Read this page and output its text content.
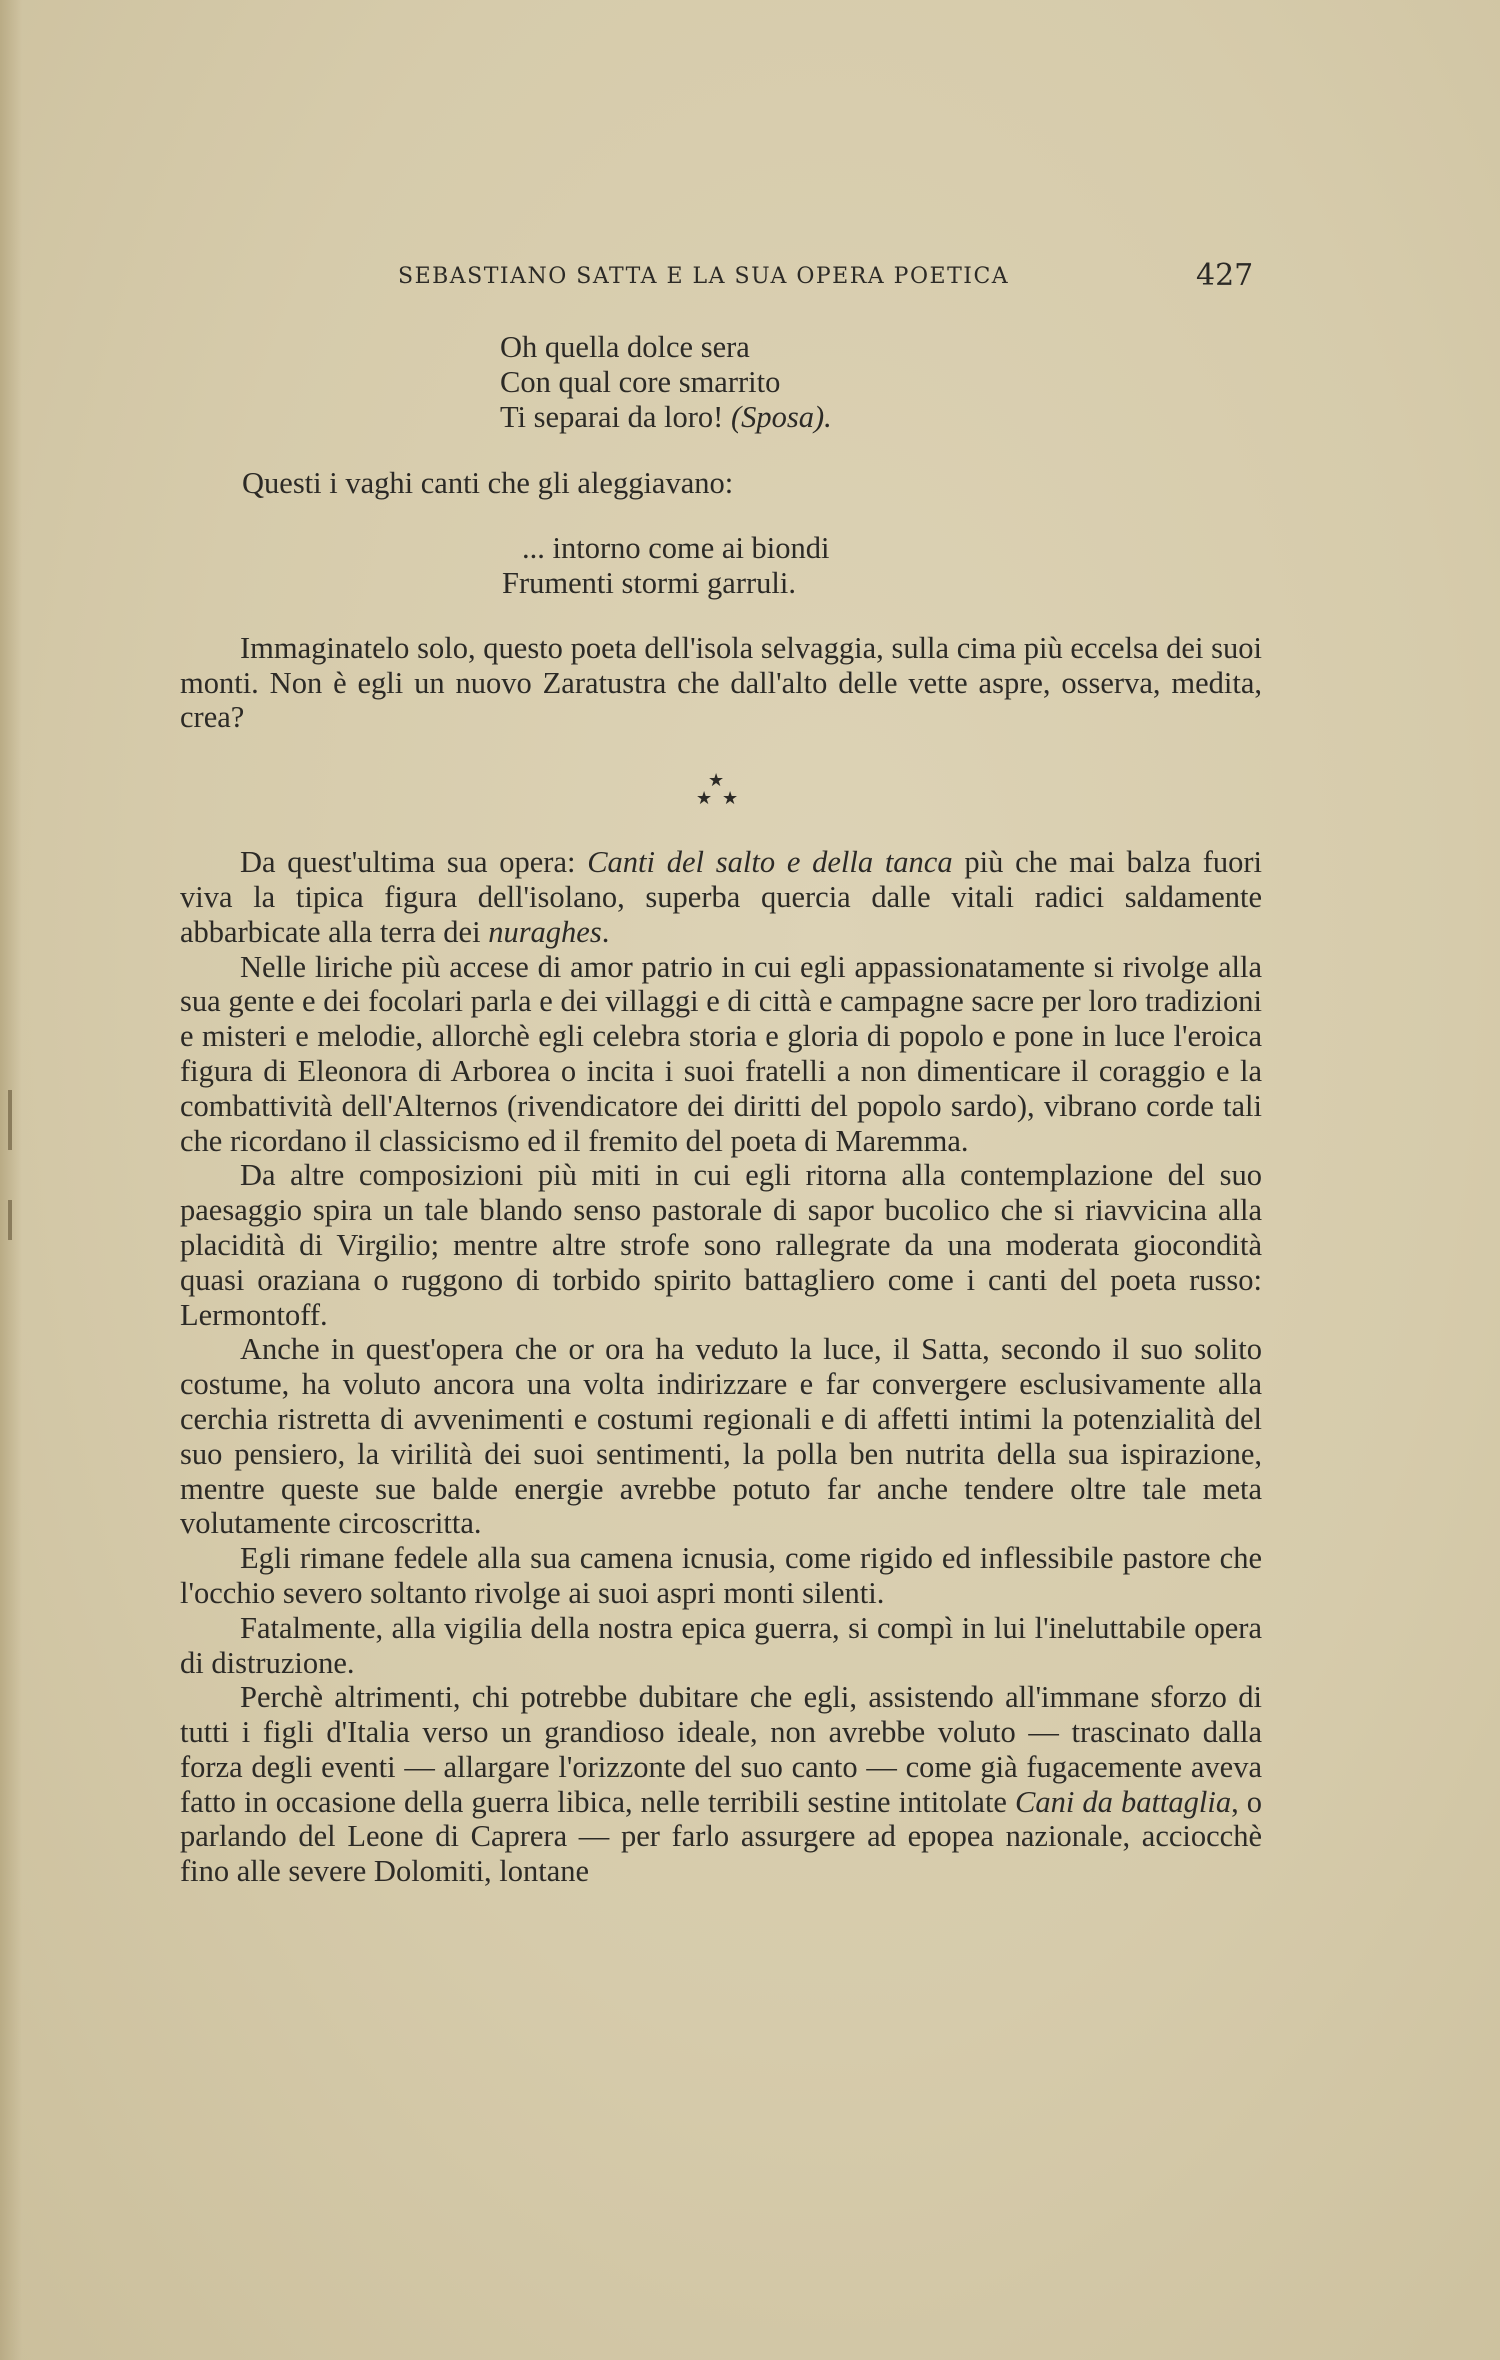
SEBASTIANO SATTA E LA SUA OPERA POETICA	427
Oh quella dolce sera
Con qual core smarrito
Ti separai da loro! (Sposa).

Questi i vaghi canti che gli aleggiavano:

... intorno come ai biondi
Frumenti stormi garruli.

Immaginatelo solo, questo poeta dell'isola selvaggia, sulla cima più eccelsa dei suoi monti. Non è egli un nuovo Zaratustra che dall'alto delle vette aspre, osserva, medita, crea?

★
★ ★

Da quest'ultima sua opera: Canti del salto e della tanca più che mai balza fuori viva la tipica figura dell'isolano, superba quercia dalle vitali radici saldamente abbarbicate alla terra dei nuraghes.

Nelle liriche più accese di amor patrio in cui egli appassionatamente si rivolge alla sua gente e dei focolari parla e dei villaggi e di città e campagne sacre per loro tradizioni e misteri e melodie, allorchè egli celebra storia e gloria di popolo e pone in luce l'eroica figura di Eleonora di Arborea o incita i suoi fratelli a non dimenticare il coraggio e la combattività dell'Alternos (rivendicatore dei diritti del popolo sardo), vibrano corde tali che ricordano il classicismo ed il fremito del poeta di Maremma.

Da altre composizioni più miti in cui egli ritorna alla contemplazione del suo paesaggio spira un tale blando senso pastorale di sapor bucolico che si riavvicina alla placidità di Virgilio; mentre altre strofe sono rallegrate da una moderata giocondità quasi oraziana o ruggono di torbido spirito battagliero come i canti del poeta russo: Lermontoff.

Anche in quest'opera che or ora ha veduto la luce, il Satta, secondo il suo solito costume, ha voluto ancora una volta indirizzare e far convergere esclusivamente alla cerchia ristretta di avvenimenti e costumi regionali e di affetti intimi la potenzialità del suo pensiero, la virilità dei suoi sentimenti, la polla ben nutrita della sua ispirazione, mentre queste sue balde energie avrebbe potuto far anche tendere oltre tale meta volutamente circoscritta.

Egli rimane fedele alla sua camena icnusia, come rigido ed inflessibile pastore che l'occhio severo soltanto rivolge ai suoi aspri monti silenti.

Fatalmente, alla vigilia della nostra epica guerra, si compì in lui l'ineluttabile opera di distruzione.

Perchè altrimenti, chi potrebbe dubitare che egli, assistendo all'immane sforzo di tutti i figli d'Italia verso un grandioso ideale, non avrebbe voluto — trascinato dalla forza degli eventi — allargare l'orizzonte del suo canto — come già fugacemente aveva fatto in occasione della guerra libica, nelle terribili sestine intitolate Cani da battaglia, o parlando del Leone di Caprera — per farlo assurgere ad epopea nazionale, acciocchè fino alle severe Dolomiti, lontane
